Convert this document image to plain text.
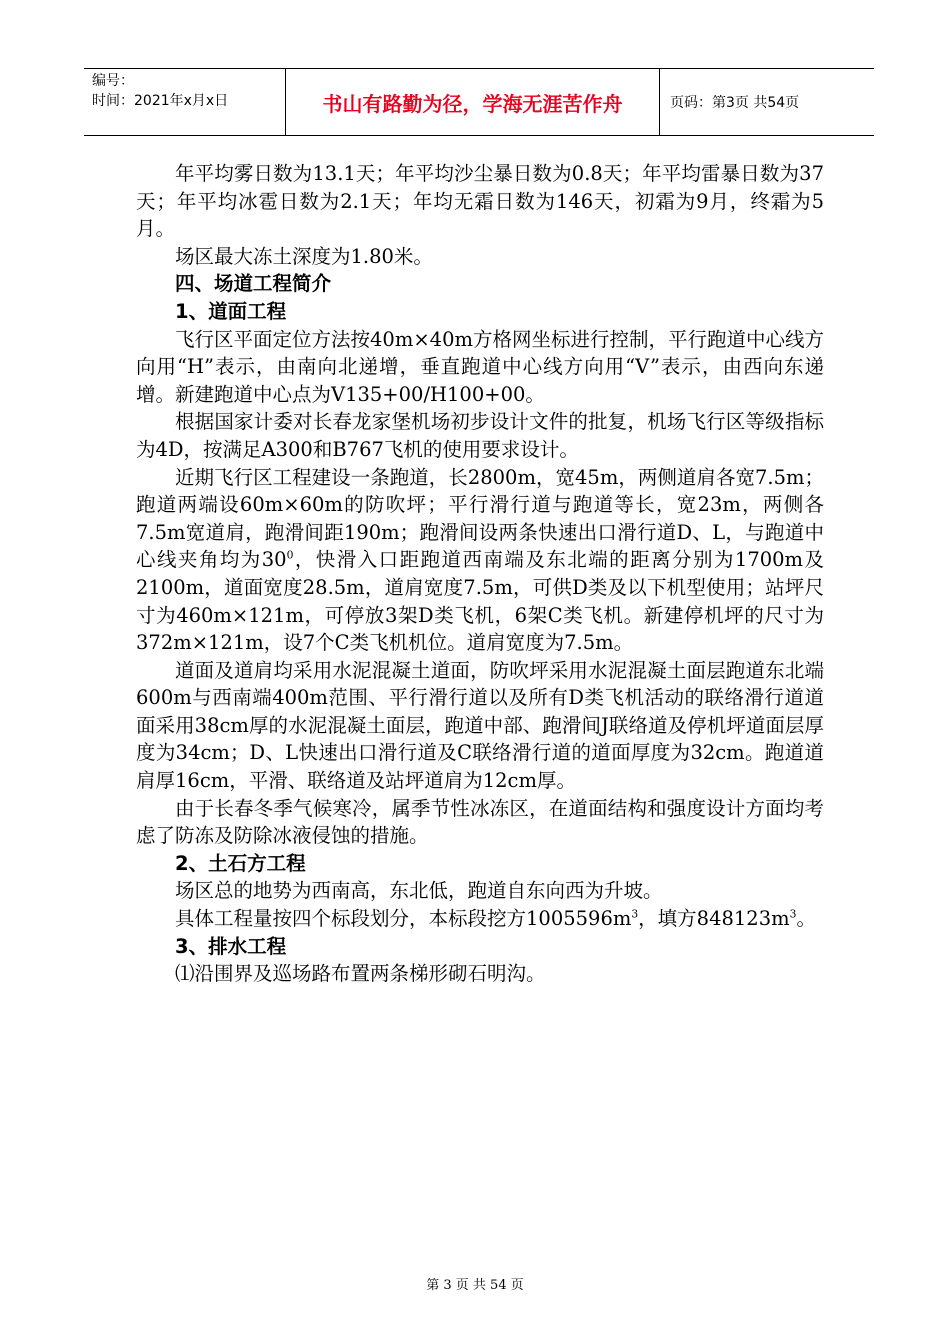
编号：
时间：2021年x月x日	书山有路勤为径，学海无涯苦作舟	页码：第3页 共54页

年平均雾日数为13.1天；年平均沙尘暴日数为0.8天；年平均雷暴日数为37天；年平均冰雹日数为2.1天；年均无霜日数为146天，初霜为9月，终霜为5月。

场区最大冻土深度为1.80米。

四、场道工程简介

1、道面工程

飞行区平面定位方法按40m×40m方格网坐标进行控制，平行跑道中心线方向用“H”表示，由南向北递增，垂直跑道中心线方向用“V”表示，由西向东递增。新建跑道中心点为V135+00/H100+00。

根据国家计委对长春龙家堡机场初步设计文件的批复，机场飞行区等级指标为4D，按满足A300和B767飞机的使用要求设计。

近期飞行区工程建设一条跑道，长2800m，宽45m，两侧道肩各宽7.5m；跑道两端设60m×60m的防吹坪；平行滑行道与跑道等长，宽23m，两侧各7.5m宽道肩，跑滑间距190m；跑滑间设两条快速出口滑行道D、L，与跑道中心线夹角均为$30^0$，快滑入口距跑道西南端及东北端的距离分别为1700m及2100m，道面宽度28.5m，道肩宽度7.5m，可供D类及以下机型使用；站坪尺寸为460m×121m，可停放3架D类飞机，6架C类飞机。新建停机坪的尺寸为372m×121m，设7个C类飞机机位。道肩宽度为7.5m。

道面及道肩均采用水泥混凝土道面，防吹坪采用水泥混凝土面层跑道东北端600m与西南端400m范围、平行滑行道以及所有D类飞机活动的联络滑行道道面采用38cm厚的水泥混凝土面层，跑道中部、跑滑间J联络道及停机坪道面层厚度为34cm；D、L快速出口滑行道及C联络滑行道的道面厚度为32cm。跑道道肩厚16cm，平滑、联络道及站坪道肩为12cm厚。

由于长春冬季气候寒冷，属季节性冰冻区，在道面结构和强度设计方面均考虑了防冻及防除冰液侵蚀的措施。

2、土石方工程

场区总的地势为西南高，东北低，跑道自东向西为升坡。

具体工程量按四个标段划分，本标段挖方$1005596m^3$，填方$848123m^3$。

3、排水工程

⑴沿围界及巡场路布置两条梯形砌石明沟。

第 3 页 共 54 页
